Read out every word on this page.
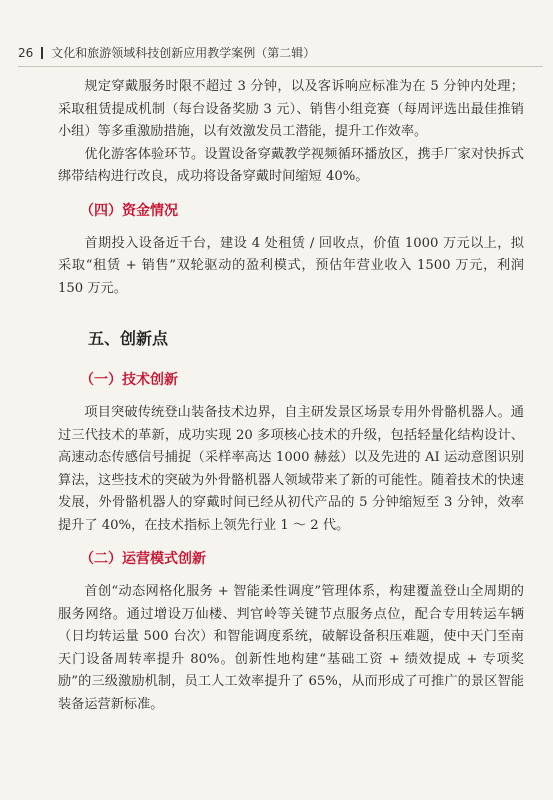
26 文化和旅游领域科技创新应用教学案例（第二辑）

规定穿戴服务时限不超过 3 分钟，以及客诉响应标准为在 5 分钟内处理；采取租赁提成机制（每台设备奖励 3 元）、销售小组竞赛（每周评选出最佳推销小组）等多重激励措施，以有效激发员工潜能，提升工作效率。

优化游客体验环节。设置设备穿戴教学视频循环播放区，携手厂家对快拆式绑带结构进行改良，成功将设备穿戴时间缩短 40%。

（四）资金情况

首期投入设备近千台，建设 4 处租赁 / 回收点，价值 1000 万元以上，拟采取“租赁 + 销售”双轮驱动的盈利模式，预估年营业收入 1500 万元，利润 150 万元。

五、创新点
（一）技术创新

项目突破传统登山装备技术边界，自主研发景区场景专用外骨骼机器人。通过三代技术的革新，成功实现 20 多项核心技术的升级，包括轻量化结构设计、高速动态传感信号捕捉（采样率高达 1000 赫兹）以及先进的 AI 运动意图识别算法，这些技术的突破为外骨骼机器人领域带来了新的可能性。随着技术的快速发展，外骨骼机器人的穿戴时间已经从初代产品的 5 分钟缩短至 3 分钟，效率提升了 40%，在技术指标上领先行业 1 ～ 2 代。

（二）运营模式创新

首创“动态网格化服务 + 智能柔性调度”管理体系，构建覆盖登山全周期的服务网络。通过增设万仙楼、判官岭等关键节点服务点位，配合专用转运车辆（日均转运量 500 台次）和智能调度系统，破解设备积压难题，使中天门至南天门设备周转率提升 80%。创新性地构建“基础工资 + 绩效提成 + 专项奖励”的三级激励机制，员工人工效率提升了 65%，从而形成了可推广的景区智能装备运营新标准。
